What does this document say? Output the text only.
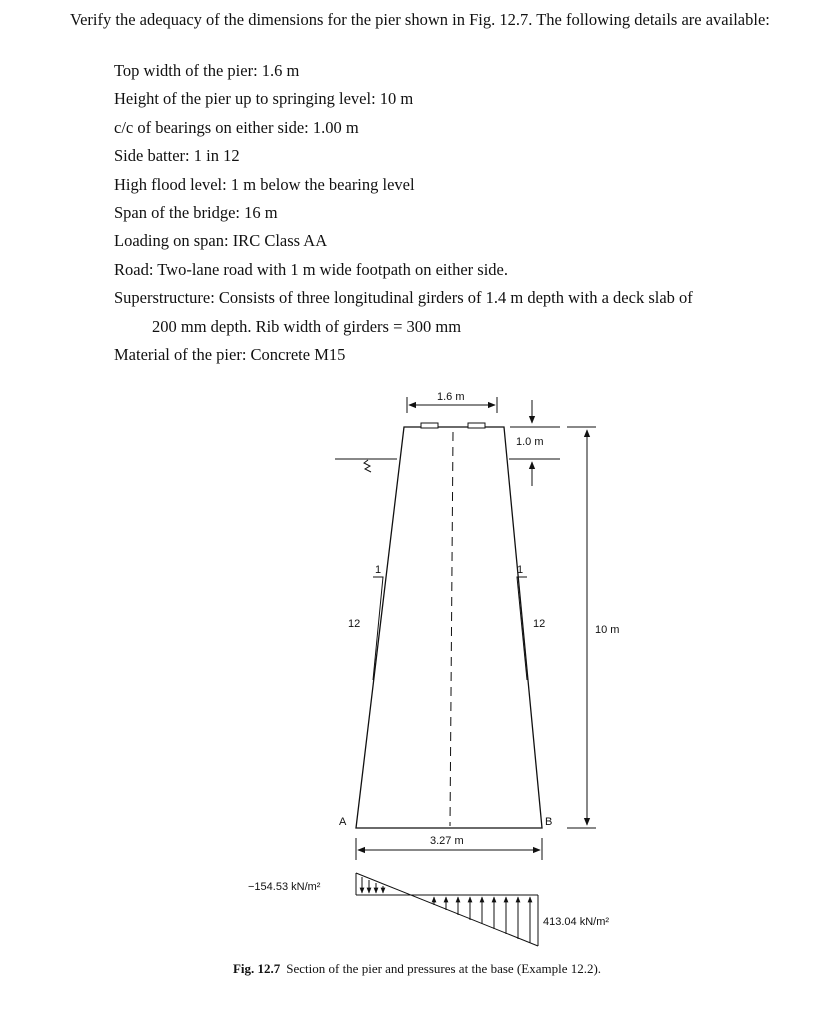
Verify the adequacy of the dimensions for the pier shown in Fig. 12.7. The following details are available:
Top width of the pier: 1.6 m
Height of the pier up to springing level: 10 m
c/c of bearings on either side: 1.00 m
Side batter: 1 in 12
High flood level: 1 m below the bearing level
Span of the bridge: 16 m
Loading on span: IRC Class AA
Road: Two-lane road with 1 m wide footpath on either side.
Superstructure: Consists of three longitudinal girders of 1.4 m depth with a deck slab of
200 mm depth. Rib width of girders = 300 mm
Material of the pier: Concrete M15
1.6 m
1.0 m
10 m
1
12
1
12
A	B
3.27 m
−154.53 kN/m²
413.04 kN/m²
Fig. 12.7 Section of the pier and pressures at the base (Example 12.2).
